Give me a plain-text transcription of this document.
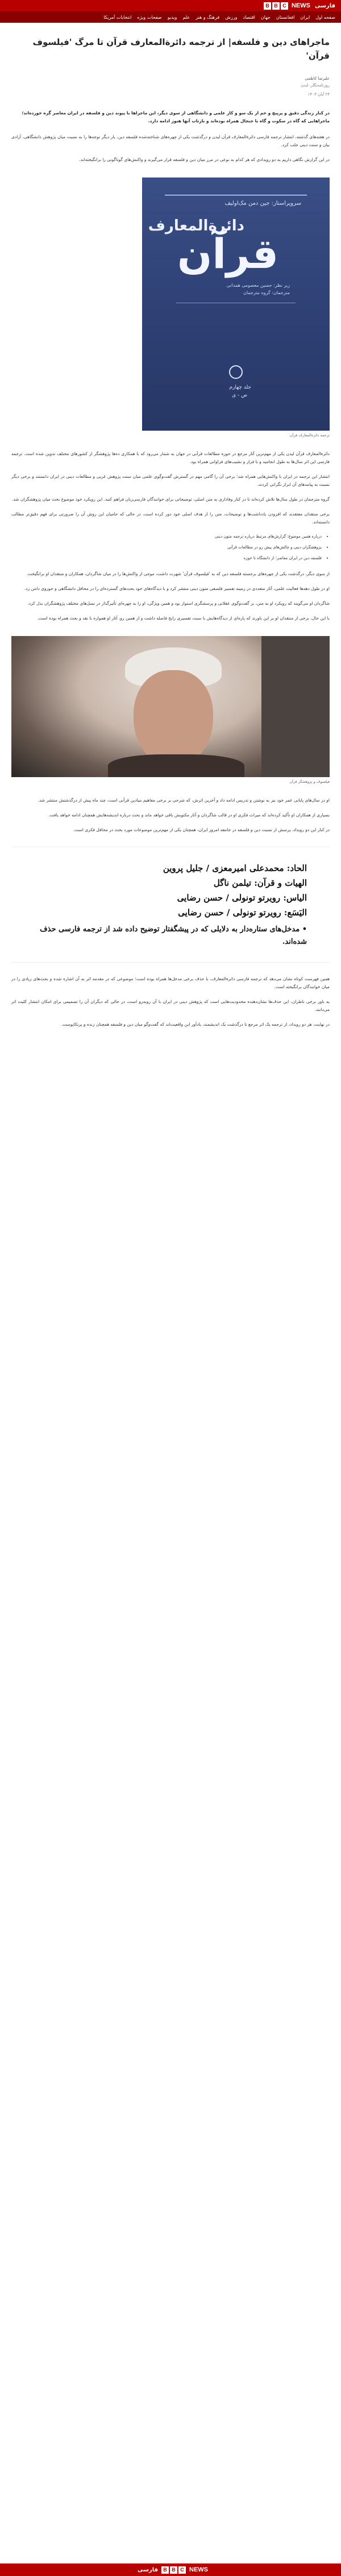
فارسی
B B C NEWS
صفحه اول
ایران
افغانستان
جهان
اقتصاد
ورزش
فرهنگ و هنر
علم
ویدیو
صفحات ویژه
انتخابات آمریکا
ماجراهای دین و فلسفه| از ترجمه دائرة‌المعارف قرآن تا مرگ 'فیلسوف قرآن'
علیرضا کاظمی
روزنامه‌نگار، لندن
۲۴ آبان ۱۴۰۳

در کنار زندگی دقیق و پرپیچ و خم از یک سو و کار علمی و دانشگاهی از سوی دیگر، این ماجراها با پیوند دین و فلسفه در ایران معاصر گره خورده‌اند؛ ماجراهایی که گاه در سکوت و گاه با جنجال همراه بوده‌اند و بازتاب آنها هنوز ادامه دارد.

در هفته‌های گذشته، انتشار ترجمه فارسی دائرة‌المعارف قرآن لیدن و درگذشت یکی از چهره‌های شناخته‌شده فلسفه دین، بار دیگر توجه‌ها را به نسبت میان پژوهش دانشگاهی، آزادی بیان و سنت دینی جلب کرد.

در این گزارش نگاهی داریم به دو رویدادی که هر کدام به نوعی در مرز میان دین و فلسفه قرار می‌گیرند و واکنش‌های گوناگونی را برانگیخته‌اند.

سرویراستار: جین دمن مک‌اولیف
دائرة‌المعارف
قرآن
زیر نظر: حسین معصومی همدانی
مترجمان: گروه مترجمان
جلد چهارم
ص - ی
ترجمه دائرة‌المعارف قرآن

دائرة‌المعارف قرآن لیدن یکی از مهم‌ترین آثار مرجع در حوزه مطالعات قرآنی در جهان به شمار می‌رود که با همکاری ده‌ها پژوهشگر از کشورهای مختلف تدوین شده است. ترجمه فارسی این اثر سال‌ها به طول انجامید و با فراز و نشیب‌های فراوانی همراه بود.

انتشار این ترجمه در ایران با واکنش‌هایی همراه شد؛ برخی آن را گامی مهم در گسترش گفت‌وگوی علمی میان سنت پژوهش غربی و مطالعات دینی در ایران دانستند و برخی دیگر نسبت به پیامدهای آن ابراز نگرانی کردند.

گروه مترجمان در طول سال‌ها تلاش کرده‌اند تا در کنار وفاداری به متن اصلی، توضیحاتی برای خوانندگان فارسی‌زبان فراهم کنند. این رویکرد خود موضوع بحث میان پژوهشگران شد.

برخی منتقدان معتقدند که افزودن یادداشت‌ها و توضیحات، متن را از هدف اصلی خود دور کرده است، در حالی که حامیان این روش آن را ضرورتی برای فهم دقیق‌تر مطالب دانسته‌اند.

• درباره همین موضوع: گزارش‌های مرتبط درباره ترجمه متون دینی
• پژوهشگران دینی و چالش‌های پیش رو در مطالعات قرآنی
• فلسفه دین در ایران معاصر؛ از دانشگاه تا حوزه

از سوی دیگر، درگذشت یکی از چهره‌های برجسته فلسفه دین که به 'فیلسوف قرآن' شهرت داشت، موجی از واکنش‌ها را در میان شاگردان، همکاران و منتقدان او برانگیخت.

او در طول دهه‌ها فعالیت علمی، آثار متعددی در زمینه تفسیر فلسفی متون دینی منتشر کرد و با دیدگاه‌های خود بحث‌های گسترده‌ای را در محافل دانشگاهی و حوزوی دامن زد.

شاگردان او می‌گویند که رویکرد او به متن، بر گفت‌وگوی عقلانی و پرسشگری استوار بود و همین ویژگی، او را به چهره‌ای تأثیرگذار در نسل‌های مختلف پژوهشگران بدل کرد.

با این حال، برخی از منتقدان او بر این باورند که پاره‌ای از دیدگاه‌هایش با سنت تفسیری رایج فاصله داشت و از همین رو، آثار او همواره با نقد و بحث همراه بوده است.

فیلسوف و پژوهشگر قرآن

او در سال‌های پایانی عمر خود نیز به نوشتن و تدریس ادامه داد و آخرین اثرش، که شرحی بر برخی مفاهیم بنیادین قرآنی است، چند ماه پیش از درگذشتش منتشر شد.

بسیاری از همکاران او تأکید کرده‌اند که میراث فکری او در قالب شاگردان و آثار مکتوبش باقی خواهد ماند و بحث درباره اندیشه‌هایش همچنان ادامه خواهد یافت.

در کنار این دو رویداد، پرسش از نسبت دین و فلسفه در جامعه امروز ایران، همچنان یکی از مهم‌ترین موضوعات مورد بحث در محافل فکری است.

الحاد: محمدعلی امیرمعزی / جلیل پروین

الهیات و قرآن: تیلمن ناگل

الیاس: رویرتو تونولی / حسن رضایی

الیَسَع: رویرتو تونولی / حسن رضایی

• مدخل‌های ستاره‌دار به دلایلی که در پیشگفتار توضیح داده شد از ترجمه فارسی حذف شده‌اند.

همین فهرست کوتاه نشان می‌دهد که ترجمه فارسی دائرة‌المعارف، با حذف برخی مدخل‌ها همراه بوده است؛ موضوعی که در مقدمه اثر به آن اشاره شده و بحث‌های زیادی را در میان خوانندگان برانگیخته است.

به باور برخی ناظران، این حذف‌ها نشان‌دهنده محدودیت‌هایی است که پژوهش دینی در ایران با آن روبه‌رو است، در حالی که دیگران آن را تصمیمی برای امکان انتشار کلیت اثر می‌دانند.

در نهایت، هر دو رویداد، از ترجمه یک اثر مرجع تا درگذشت یک اندیشمند، یادآور این واقعیت‌اند که گفت‌وگو میان دین و فلسفه همچنان زنده و پرتکاپوست.

B B C NEWS
فارسی
